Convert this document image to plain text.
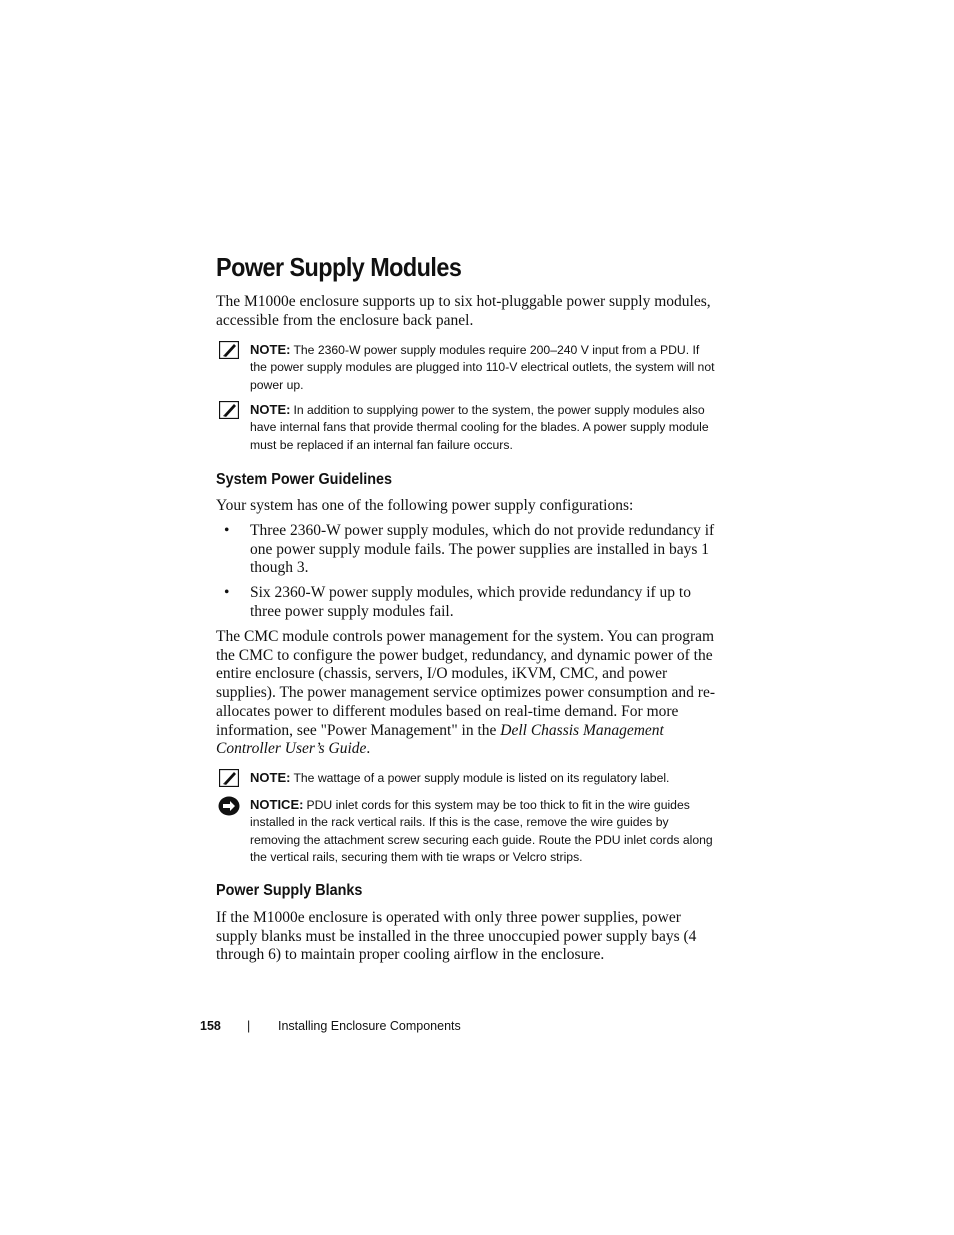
Power Supply Modules

The M1000e enclosure supports up to six hot-pluggable power supply modules, accessible from the enclosure back panel.

NOTE: The 2360-W power supply modules require 200–240 V input from a PDU. If the power supply modules are plugged into 110-V electrical outlets, the system will not power up.

NOTE: In addition to supplying power to the system, the power supply modules also have internal fans that provide thermal cooling for the blades. A power supply module must be replaced if an internal fan failure occurs.

System Power Guidelines

Your system has one of the following power supply configurations:

• Three 2360-W power supply modules, which do not provide redundancy if one power supply module fails. The power supplies are installed in bays 1 though 3.

• Six 2360-W power supply modules, which provide redundancy if up to three power supply modules fail.

The CMC module controls power management for the system. You can program the CMC to configure the power budget, redundancy, and dynamic power of the entire enclosure (chassis, servers, I/O modules, iKVM, CMC, and power supplies). The power management service optimizes power consumption and re-allocates power to different modules based on real-time demand. For more information, see "Power Management" in the Dell Chassis Management Controller User’s Guide.

NOTE: The wattage of a power supply module is listed on its regulatory label.

NOTICE: PDU inlet cords for this system may be too thick to fit in the wire guides installed in the rack vertical rails. If this is the case, remove the wire guides by removing the attachment screw securing each guide. Route the PDU inlet cords along the vertical rails, securing them with tie wraps or Velcro strips.

Power Supply Blanks

If the M1000e enclosure is operated with only three power supplies, power supply blanks must be installed in the three unoccupied power supply bays (4 through 6) to maintain proper cooling airflow in the enclosure.

158 | Installing Enclosure Components
